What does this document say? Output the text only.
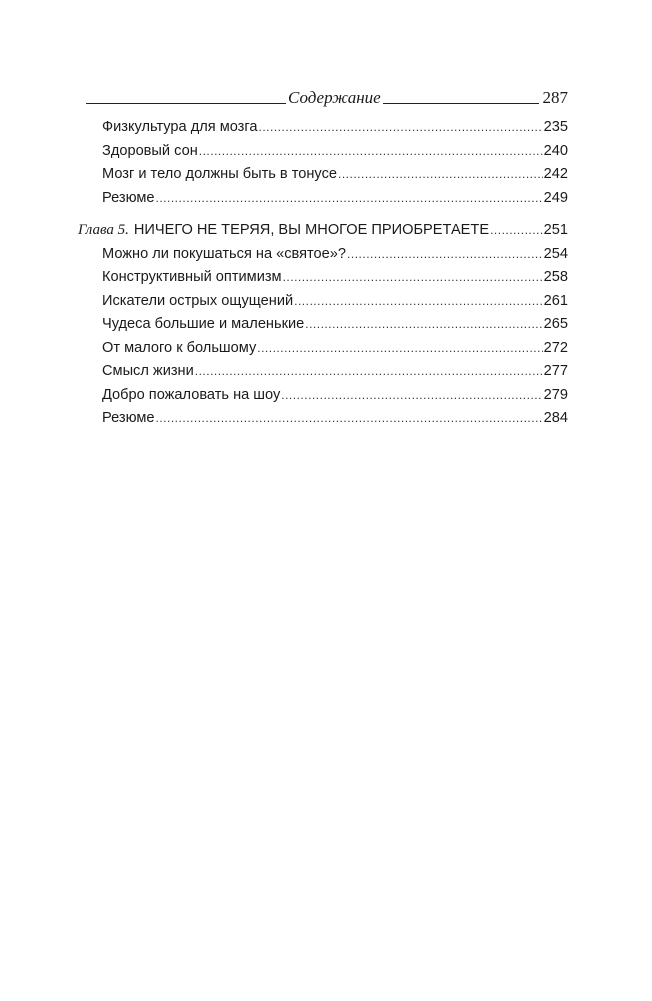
Содержание	287
Физкультура для мозга .....	235
Здоровый сон .....	240
Мозг и тело должны быть в тонусе .....	242
Резюме .....	249
Глава 5. НИЧЕГО НЕ ТЕРЯЯ, ВЫ МНОГОЕ ПРИОБРЕТАЕТЕ .....	251
Можно ли покушаться на «святое»? .....	254
Конструктивный оптимизм .....	258
Искатели острых ощущений .....	261
Чудеса большие и маленькие .....	265
От малого к большому .....	272
Смысл жизни .....	277
Добро пожаловать на шоу .....	279
Резюме .....	284
